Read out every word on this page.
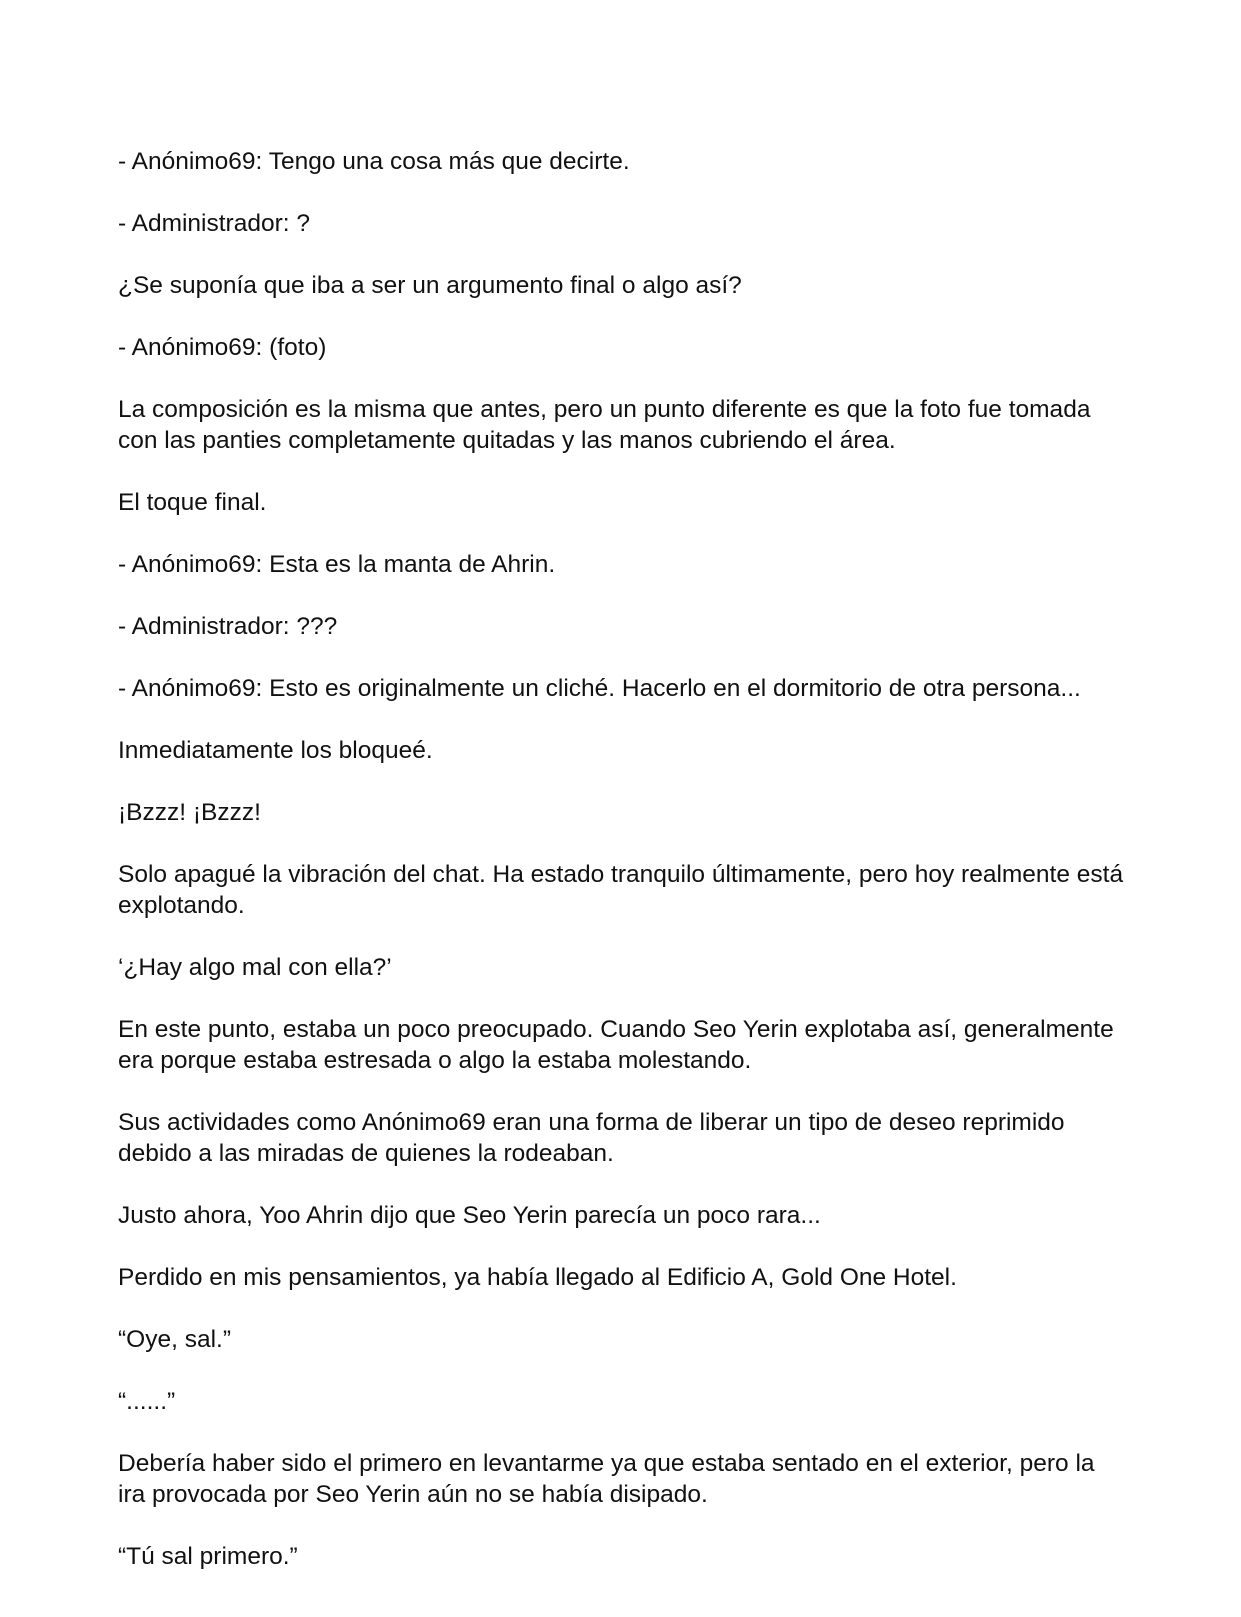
- Anónimo69: Tengo una cosa más que decirte.

- Administrador: ?

¿Se suponía que iba a ser un argumento final o algo así?

- Anónimo69: (foto)

La composición es la misma que antes, pero un punto diferente es que la foto fue tomada con las panties completamente quitadas y las manos cubriendo el área.

El toque final.

- Anónimo69: Esta es la manta de Ahrin.

- Administrador: ???

- Anónimo69: Esto es originalmente un cliché. Hacerlo en el dormitorio de otra persona...

Inmediatamente los bloqueé.

¡Bzzz! ¡Bzzz!

Solo apagué la vibración del chat. Ha estado tranquilo últimamente, pero hoy realmente está explotando.

‘¿Hay algo mal con ella?’

En este punto, estaba un poco preocupado. Cuando Seo Yerin explotaba así, generalmente era porque estaba estresada o algo la estaba molestando.

Sus actividades como Anónimo69 eran una forma de liberar un tipo de deseo reprimido debido a las miradas de quienes la rodeaban.

Justo ahora, Yoo Ahrin dijo que Seo Yerin parecía un poco rara...

Perdido en mis pensamientos, ya había llegado al Edificio A, Gold One Hotel.

“Oye, sal.”

“......”

Debería haber sido el primero en levantarme ya que estaba sentado en el exterior, pero la ira provocada por Seo Yerin aún no se había disipado.

“Tú sal primero.”
